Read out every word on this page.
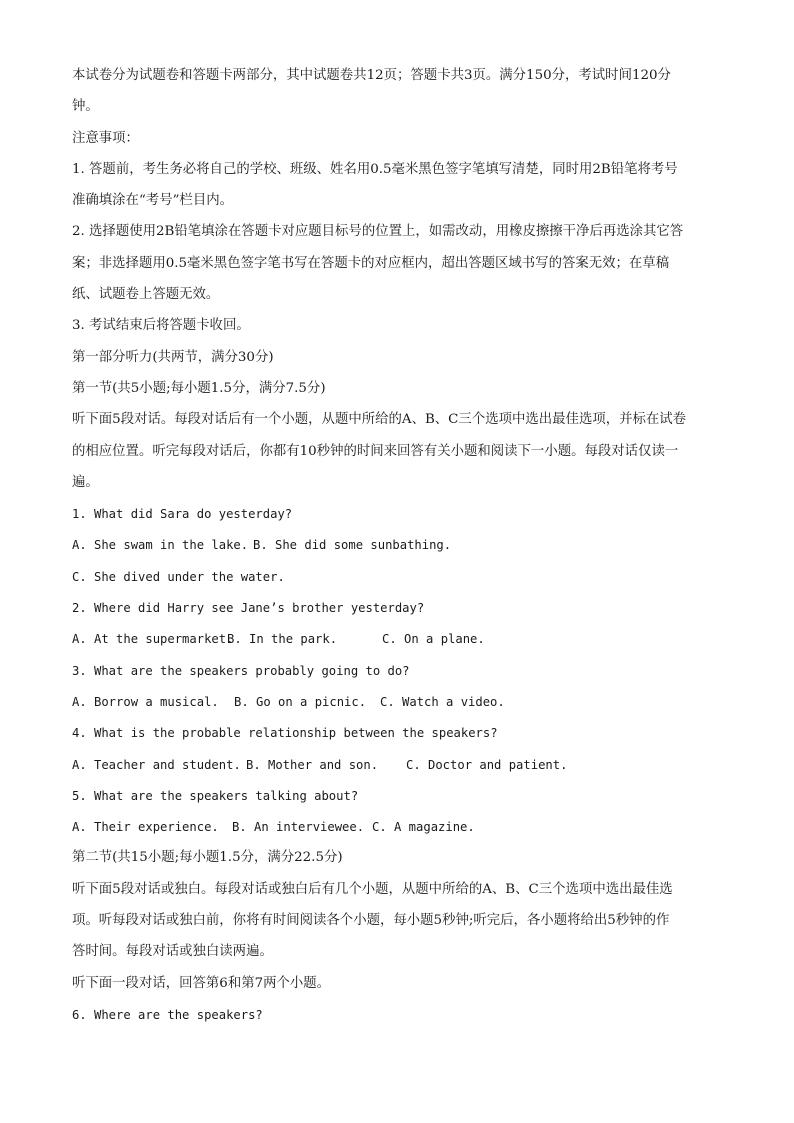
本试卷分为试题卷和答题卡两部分，其中试题卷共12页；答题卡共3页。满分150分，考试时间120分
钟。
注意事项：
1. 答题前，考生务必将自己的学校、班级、姓名用0.5毫米黑色签字笔填写清楚，同时用2B铅笔将考号
准确填涂在“考号”栏目内。
2. 选择题使用2B铅笔填涂在答题卡对应题目标号的位置上，如需改动，用橡皮擦擦干净后再选涂其它答
案；非选择题用0.5毫米黑色签字笔书写在答题卡的对应框内，超出答题区域书写的答案无效；在草稿
纸、试题卷上答题无效。
3. 考试结束后将答题卡收回。
第一部分听力(共两节，满分30分)
第一节(共5小题;每小题1.5分，满分7.5分)
听下面5段对话。每段对话后有一个小题，从题中所给的A、B、C三个选项中选出最佳选项，并标在试卷
的相应位置。听完每段对话后，你都有10秒钟的时间来回答有关小题和阅读下一小题。每段对话仅读一
遍。
1. What did Sara do yesterday?
A. She swam in the lake. B. She did some sunbathing.
C. She dived under the water.
2. Where did Harry see Jane’s brother yesterday?
A. At the supermarket.B. In the park.	C. On a plane.
3. What are the speakers probably going to do?
A. Borrow a musical. B. Go on a picnic. C. Watch a video.
4. What is the probable relationship between the speakers?
A. Teacher and student. B. Mother and son. C. Doctor and patient.
5. What are the speakers talking about?
A. Their experience. B. An interviewee. C. A magazine.
第二节(共15小题;每小题1.5分，满分22.5分)
听下面5段对话或独白。每段对话或独白后有几个小题，从题中所给的A、B、C三个选项中选出最佳选
项。听每段对话或独白前，你将有时间阅读各个小题，每小题5秒钟;听完后，各小题将给出5秒钟的作
答时间。每段对话或独白读两遍。
听下面一段对话，回答第6和第7两个小题。
6. Where are the speakers?
